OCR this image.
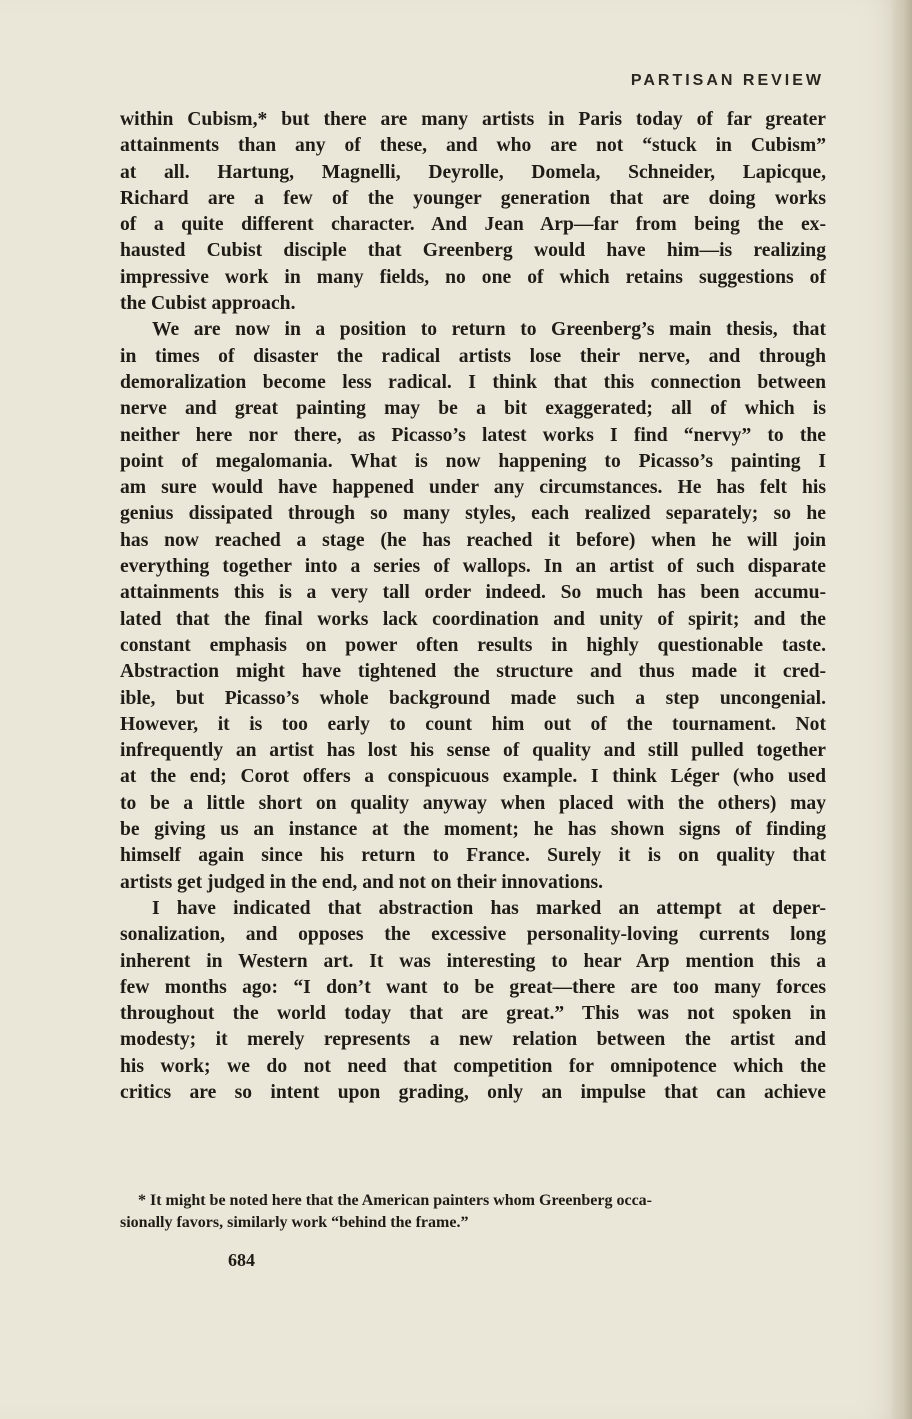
PARTISAN REVIEW
within Cubism,* but there are many artists in Paris today of far greater
attainments than any of these, and who are not “stuck in Cubism”
at all. Hartung, Magnelli, Deyrolle, Domela, Schneider, Lapicque,
Richard are a few of the younger generation that are doing works
of a quite different character. And Jean Arp—far from being the ex-
hausted Cubist disciple that Greenberg would have him—is realizing
impressive work in many fields, no one of which retains suggestions of
the Cubist approach.
We are now in a position to return to Greenberg’s main thesis, that
in times of disaster the radical artists lose their nerve, and through
demoralization become less radical. I think that this connection between
nerve and great painting may be a bit exaggerated; all of which is
neither here nor there, as Picasso’s latest works I find “nervy” to the
point of megalomania. What is now happening to Picasso’s painting I
am sure would have happened under any circumstances. He has felt his
genius dissipated through so many styles, each realized separately; so he
has now reached a stage (he has reached it before) when he will join
everything together into a series of wallops. In an artist of such disparate
attainments this is a very tall order indeed. So much has been accumu-
lated that the final works lack coordination and unity of spirit; and the
constant emphasis on power often results in highly questionable taste.
Abstraction might have tightened the structure and thus made it cred-
ible, but Picasso’s whole background made such a step uncongenial.
However, it is too early to count him out of the tournament. Not
infrequently an artist has lost his sense of quality and still pulled together
at the end; Corot offers a conspicuous example. I think Léger (who used
to be a little short on quality anyway when placed with the others) may
be giving us an instance at the moment; he has shown signs of finding
himself again since his return to France. Surely it is on quality that
artists get judged in the end, and not on their innovations.
I have indicated that abstraction has marked an attempt at deper-
sonalization, and opposes the excessive personality-loving currents long
inherent in Western art. It was interesting to hear Arp mention this a
few months ago: “I don’t want to be great—there are too many forces
throughout the world today that are great.” This was not spoken in
modesty; it merely represents a new relation between the artist and
his work; we do not need that competition for omnipotence which the
critics are so intent upon grading, only an impulse that can achieve
* It might be noted here that the American painters whom Greenberg occa-
sionally favors, similarly work “behind the frame.”
684
